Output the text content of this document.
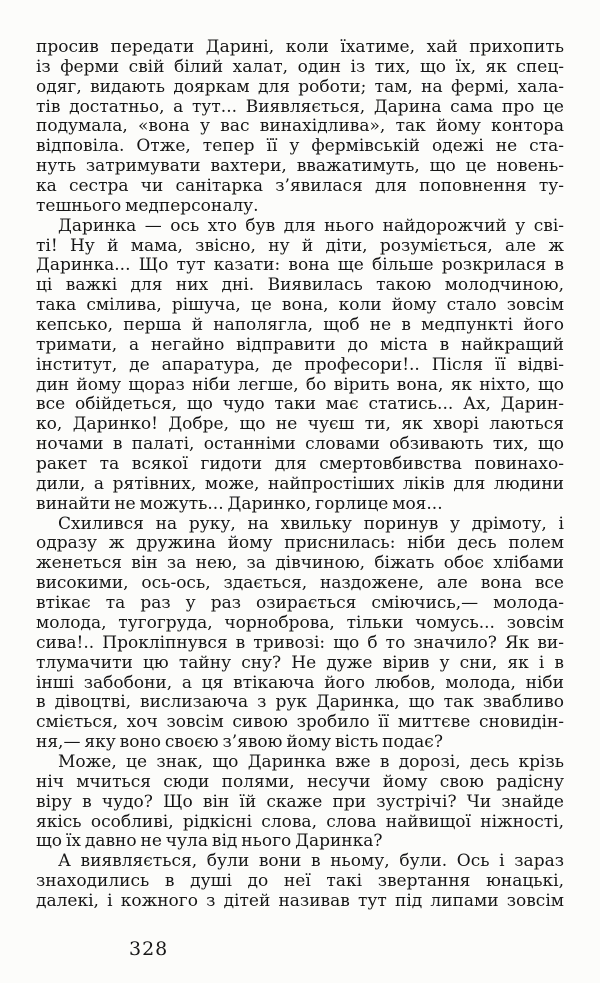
просив передати Дарині, коли їхатиме, хай прихопить
із ферми свій білий халат, один із тих, що їх, як спец-
одяг, видають дояркам для роботи; там, на фермі, хала-
тів достатньо, а тут... Виявляється, Дарина сама про це
подумала, «вона у вас винахідлива», так йому контора
відповіла. Отже, тепер її у фермівській одежі не ста-
нуть затримувати вахтери, вважатимуть, що це новень-
ка сестра чи санітарка з’явилася для поповнення ту-
тешнього медперсоналу.
Даринка — ось хто був для нього найдорожчий у сві-
ті! Ну й мама, звісно, ну й діти, розуміється, але ж
Даринка... Що тут казати: вона ще більше розкрилася в
ці важкі для них дні. Виявилась такою молодчиною,
така смілива, рішуча, це вона, коли йому стало зовсім
кепсько, перша й наполягла, щоб не в медпункті його
тримати, а негайно відправити до міста в найкращий
інститут, де апаратура, де професори!.. Після її відві-
дин йому щораз ніби легше, бо вірить вона, як ніхто, що
все обійдеться, що чудо таки має статись... Ах, Дарин-
ко, Даринко! Добре, що не чуєш ти, як хворі лаються
ночами в палаті, останніми словами обзивають тих, що
ракет та всякої гидоти для смертовбивства повинахо-
дили, а рятівних, може, найпростіших ліків для людини
винайти не можуть... Даринко, горлице моя...
Схилився на руку, на хвильку поринув у дрімоту, і
одразу ж дружина йому приснилась: ніби десь полем
женеться він за нею, за дівчиною, біжать обоє хлібами
високими, ось-ось, здається, наздожене, але вона все
втікає та раз у раз озирається сміючись,— молода-
молода, тугогруда, чорноброва, тільки чомусь... зовсім
сива!.. Прокліпнувся в тривозі: що б то значило? Як ви-
тлумачити цю тайну сну? Не дуже вірив у сни, як і в
інші забобони, а ця втікаюча його любов, молода, ніби
в дівоцтві, вислизаюча з рук Даринка, що так звабливо
сміється, хоч зовсім сивою зробило її миттєве сновидін-
ня,— яку воно своєю з’явою йому вість подає?
Може, це знак, що Даринка вже в дорозі, десь крізь
ніч мчиться сюди полями, несучи йому свою радісну
віру в чудо? Що він їй скаже при зустрічі? Чи знайде
якісь особливі, рідкісні слова, слова найвищої ніжності,
що їх давно не чула від нього Даринка?
А виявляється, були вони в ньому, були. Ось і зараз
знаходились в душі до неї такі звертання юнацькі,
далекі, і кожного з дітей називав тут під липами зовсім
328
